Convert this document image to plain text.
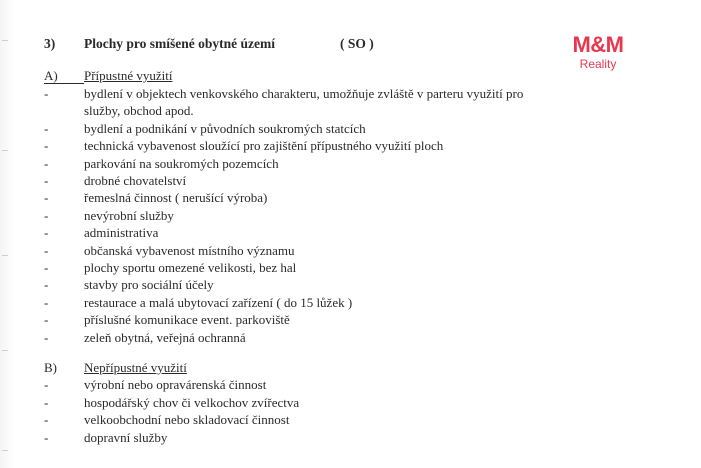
3) Plochy pro smíšené obytné území	( SO )	M&M
Reality
A) Přípustné využití
-	bydlení v objektech venkovského charakteru, umožňuje zvláště v parteru využití pro
služby, obchod apod.
-	bydlení a podnikání v původních soukromých statcích
-	technická vybavenost sloužící pro zajištění přípustného využití ploch
-	parkování na soukromých pozemcích
-	drobné chovatelství
-	řemeslná činnost ( nerušící výroba)
-	nevýrobní služby
-	administrativa
-	občanská vybavenost místního významu
-	plochy sportu omezené velikosti, bez hal
-	stavby pro sociální účely
-	restaurace a malá ubytovací zařízení ( do 15 lůžek )
-	příslušné komunikace event. parkoviště
-	zeleň obytná, veřejná ochranná
B) Nepřípustné využití
-	výrobní nebo opravárenská činnost
-	hospodářský chov či velkochov zvířectva
-	velkoobchodní nebo skladovací činnost
-	dopravní služby
